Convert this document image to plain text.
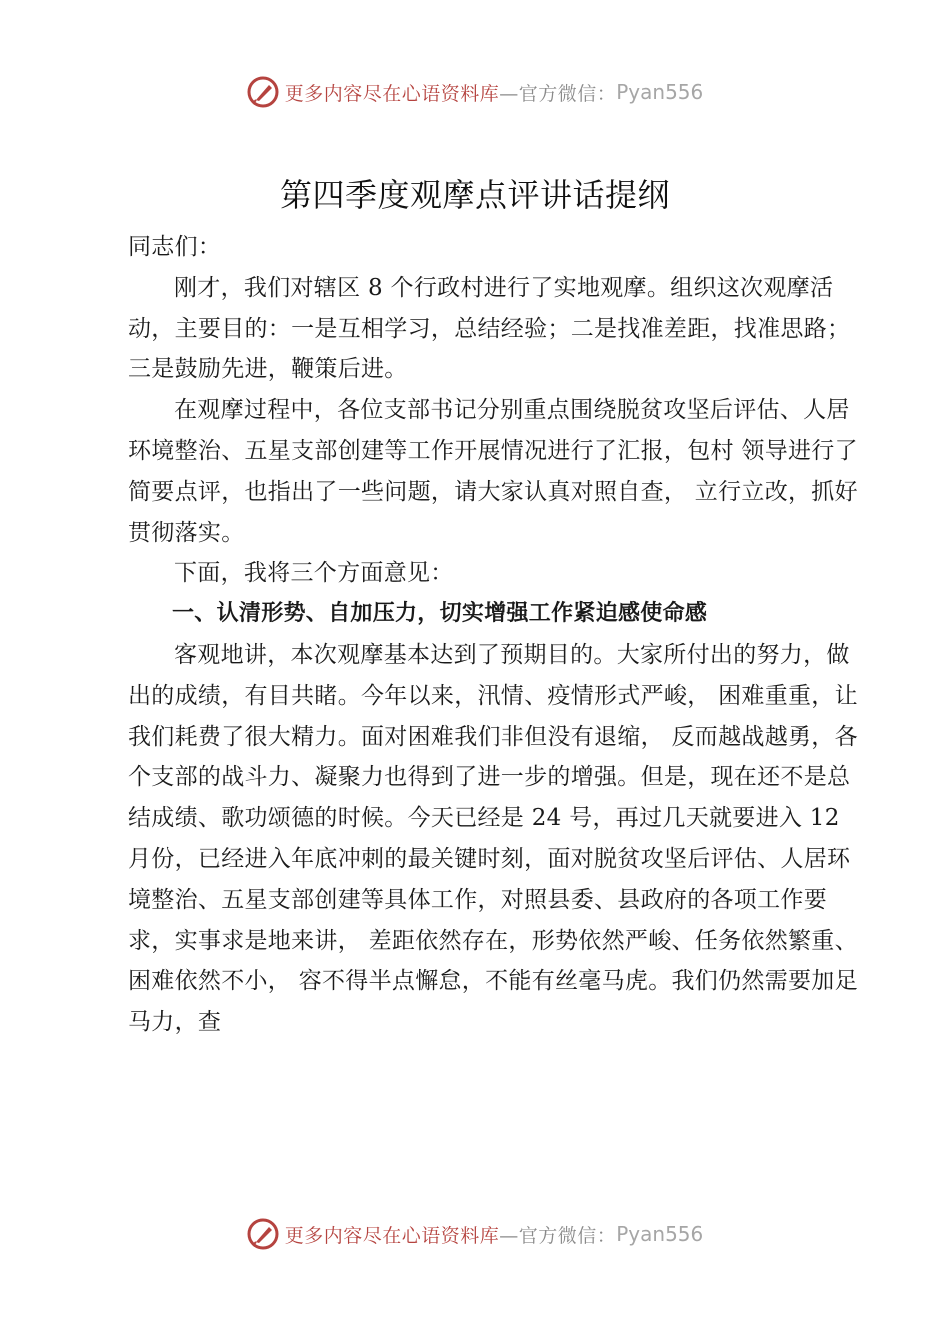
更多内容尽在心语资料库 —官方微信： Pyan556
第四季度观摩点评讲话提纲

同志们：

刚才，我们对辖区 8 个行政村进行了实地观摩。组织这次观摩活动，主要目的：一是互相学习，总结经验；二是找准差距，找准思路；三是鼓励先进，鞭策后进。

在观摩过程中，各位支部书记分别重点围绕脱贫攻坚后评估、人居环境整治、五星支部创建等工作开展情况进行了汇报，包村 领导进行了简要点评，也指出了一些问题，请大家认真对照自查， 立行立改，抓好贯彻落实。

下面，我将三个方面意见：

一、认清形势、自加压力，切实增强工作紧迫感使命感

客观地讲，本次观摩基本达到了预期目的。大家所付出的努力，做出的成绩，有目共睹。今年以来，汛情、疫情形式严峻， 困难重重，让我们耗费了很大精力。面对困难我们非但没有退缩， 反而越战越勇，各个支部的战斗力、凝聚力也得到了进一步的增强。但是，现在还不是总结成绩、歌功颂德的时候。今天已经是 24 号，再过几天就要进入 12 月份，已经进入年底冲刺的最关键时刻，面对脱贫攻坚后评估、人居环境整治、五星支部创建等具体工作，对照县委、县政府的各项工作要求，实事求是地来讲， 差距依然存在，形势依然严峻、任务依然繁重、困难依然不小， 容不得半点懈怠，不能有丝毫马虎。我们仍然需要加足马力，查

更多内容尽在心语资料库 —官方微信： Pyan556
